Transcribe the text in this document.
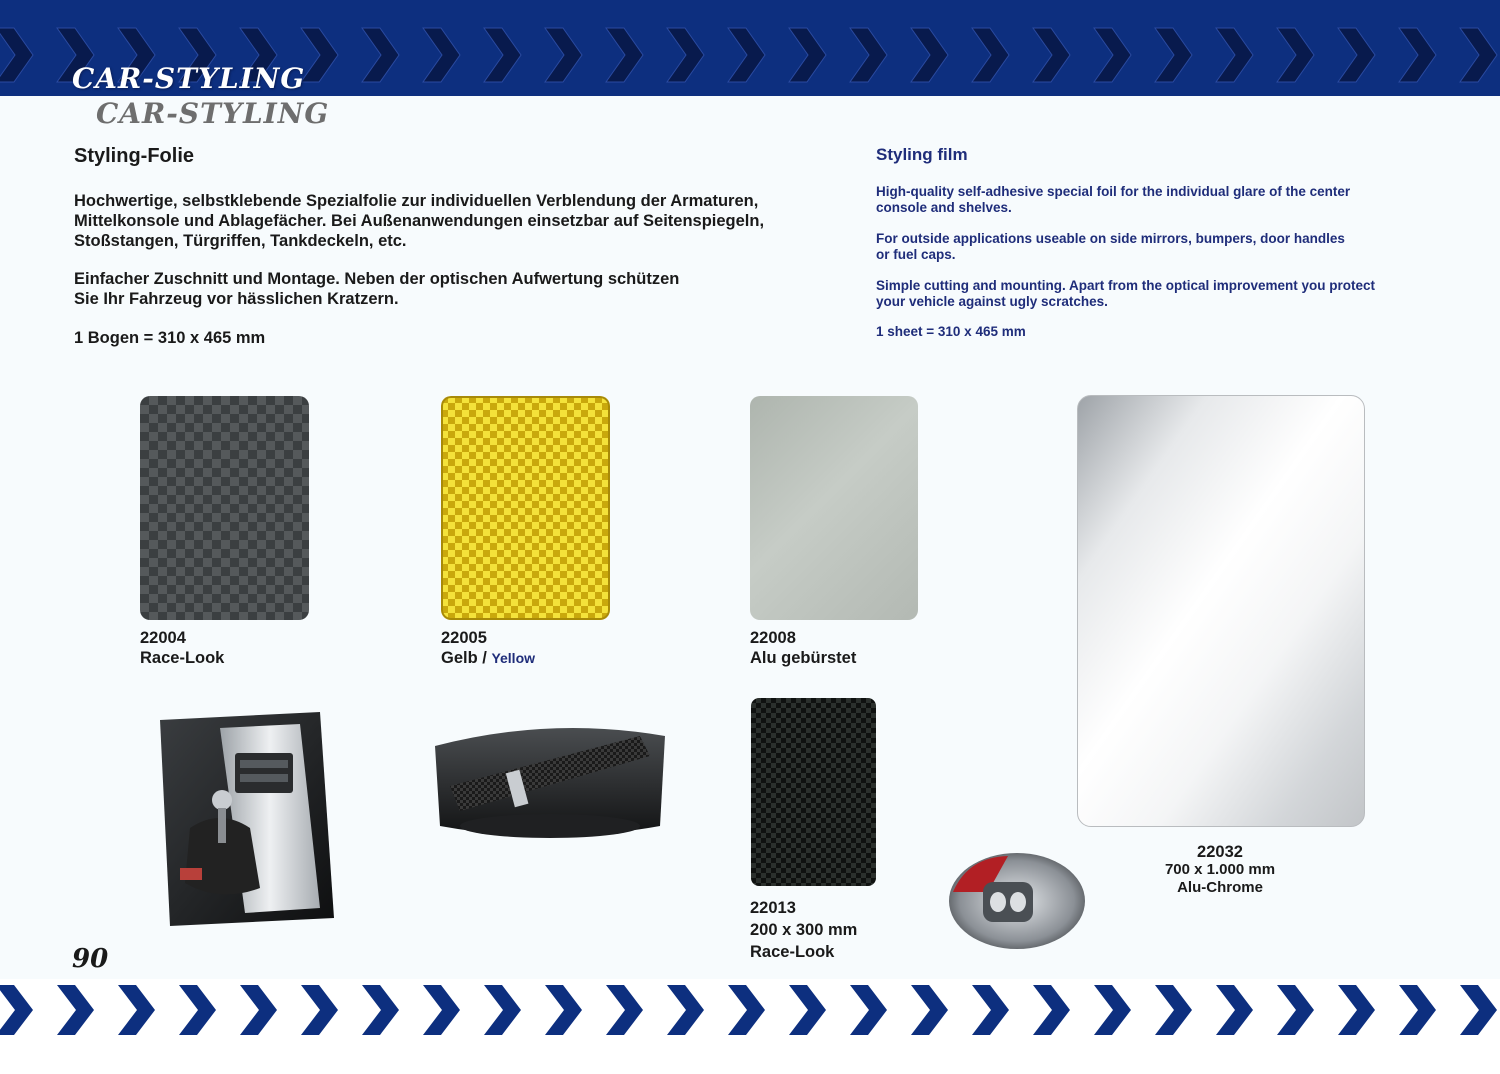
CAR-STYLING
CAR-STYLING
Styling-Folie
Hochwertige, selbstklebende Spezialfolie zur individuellen Verblendung der Armaturen,
Mittelkonsole und Ablagefächer. Bei Außenanwendungen einsetzbar auf Seitenspiegeln,
Stoßstangen, Türgriffen, Tankdeckeln, etc.
Einfacher Zuschnitt und Montage. Neben der optischen Aufwertung schützen
Sie Ihr Fahrzeug vor hässlichen Kratzern.
1 Bogen = 310 x 465 mm
Styling film
High-quality self-adhesive special foil for the individual glare of the center
console and shelves.
For outside applications useable on side mirrors, bumpers, door handles
or fuel caps.
Simple cutting and mounting. Apart from the optical improvement you protect
your vehicle against ugly scratches.
1 sheet = 310 x 465 mm
22004
Race-Look
22005
Gelb / Yellow
22008
Alu gebürstet
22032
700 x 1.000 mm
Alu-Chrome
22013
200 x 300 mm
Race-Look
90
